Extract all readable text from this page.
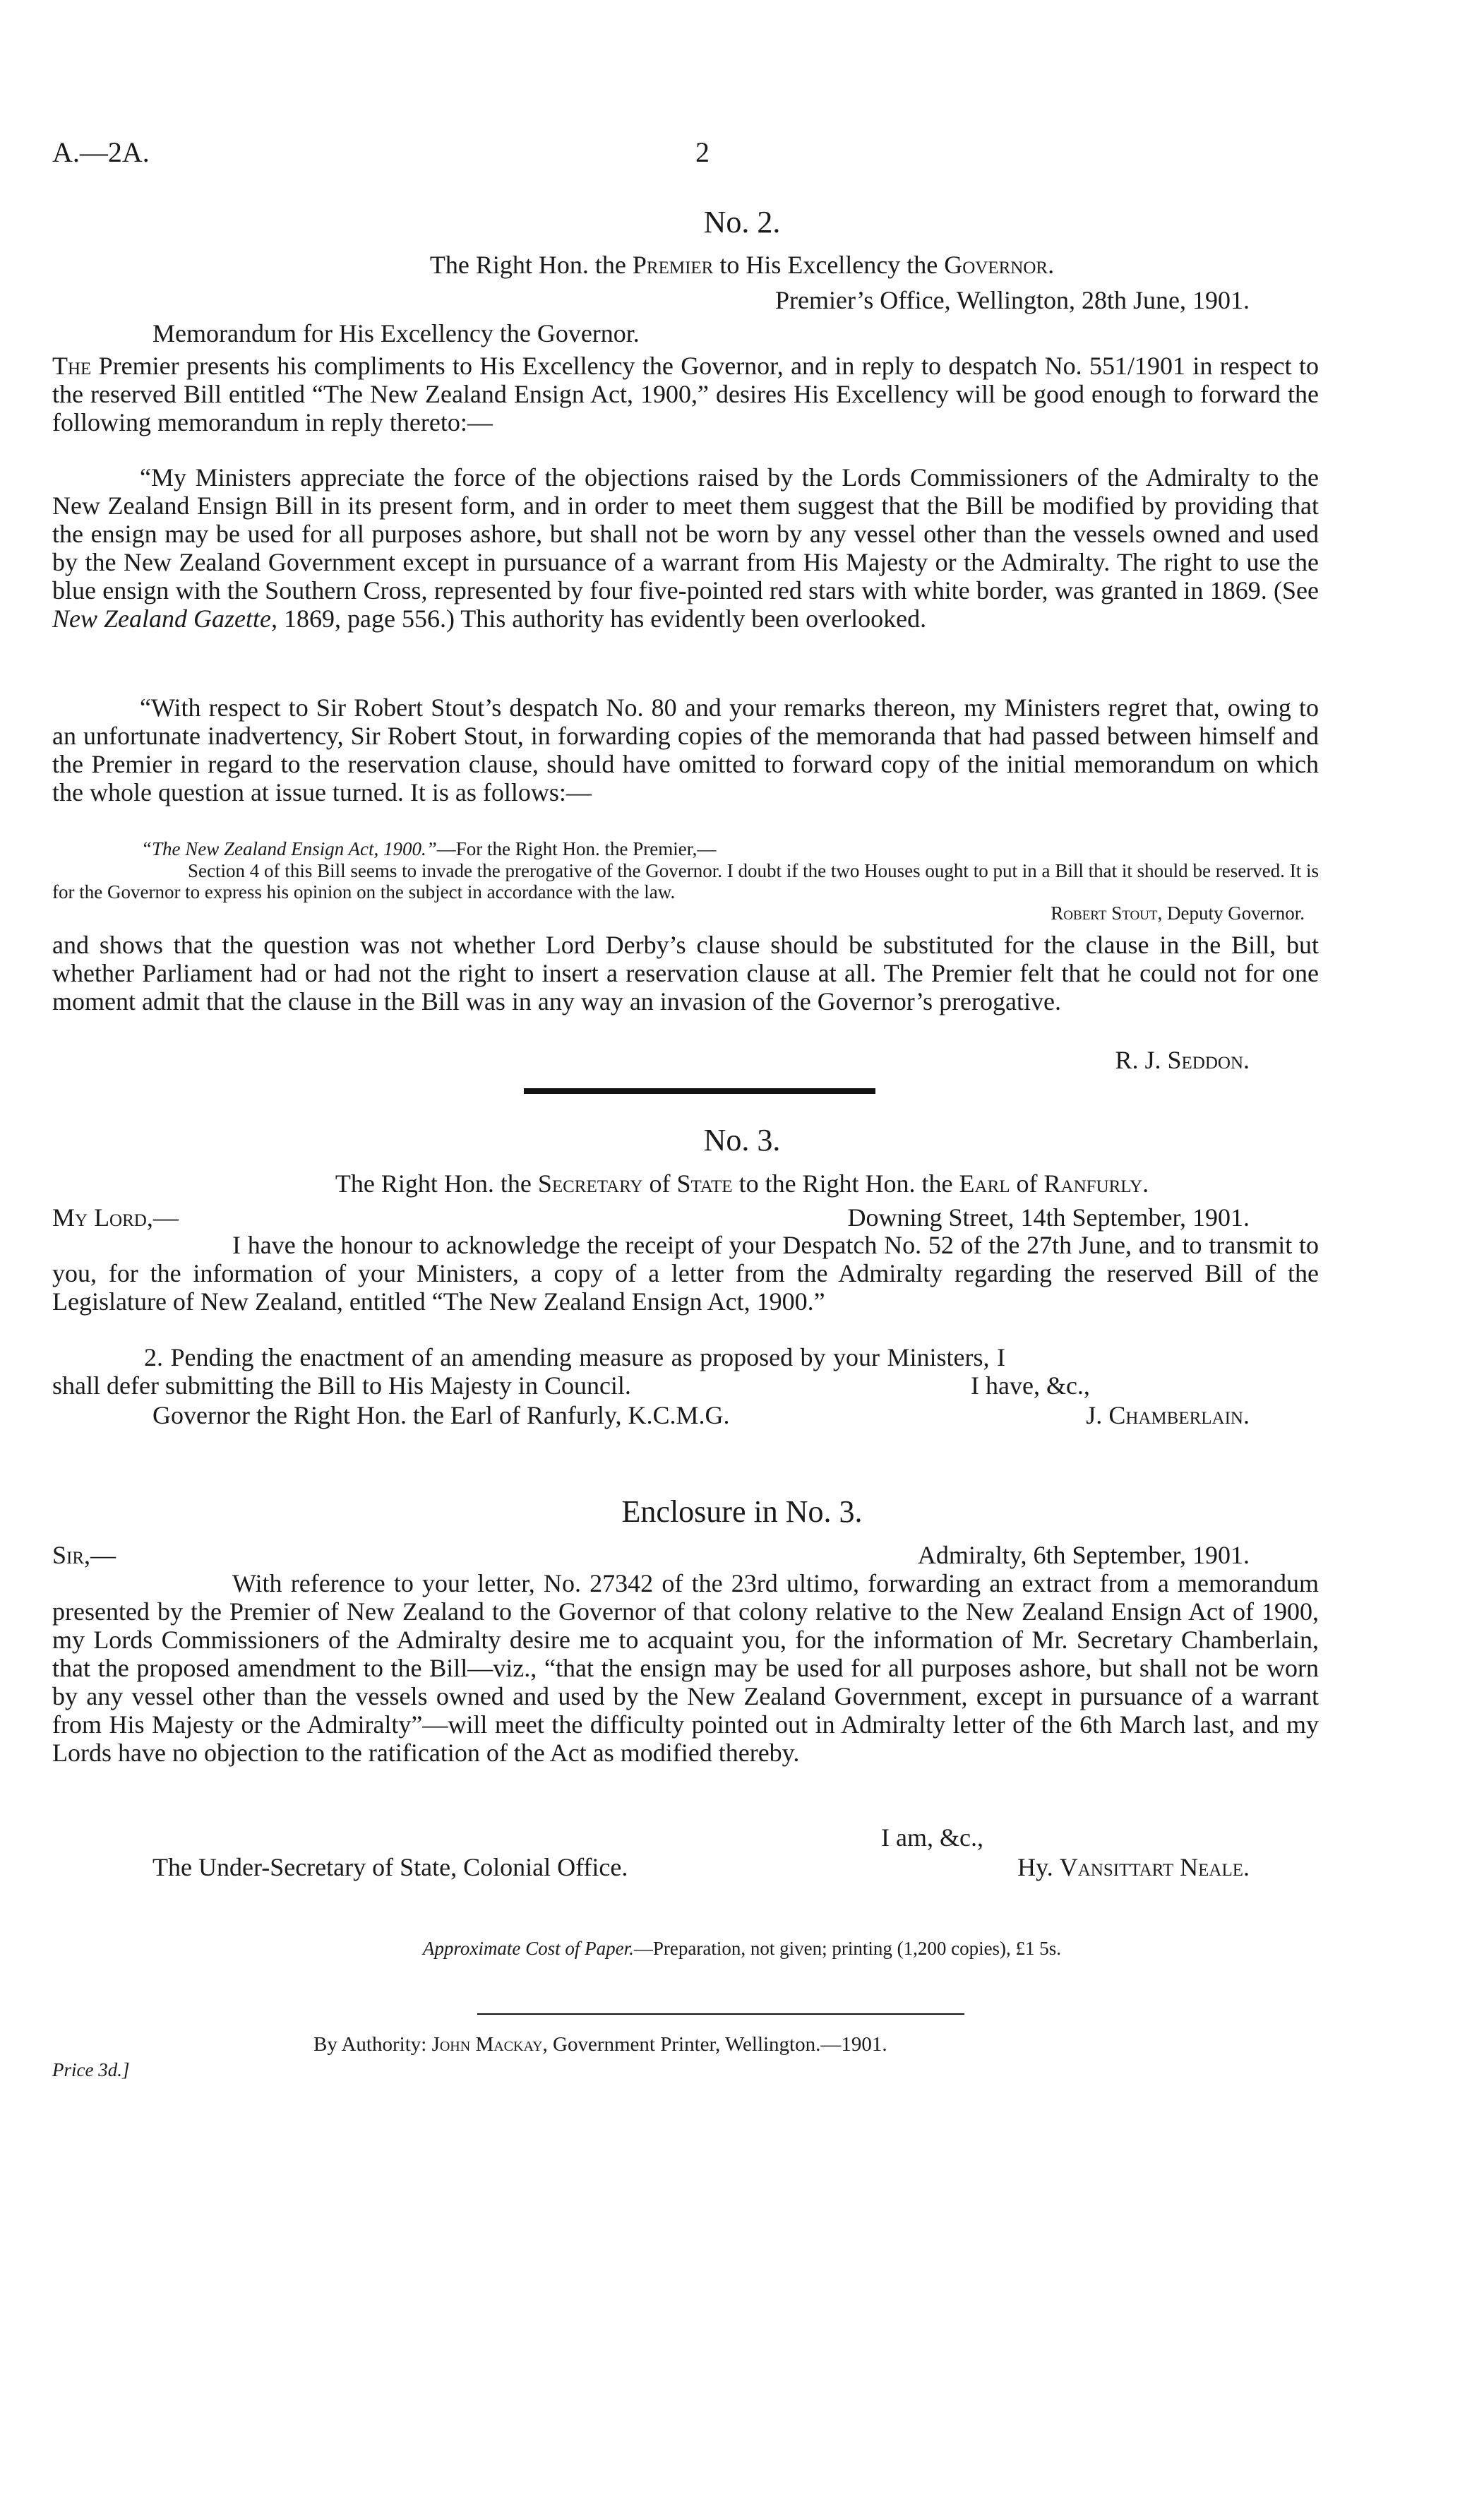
A.—2A.	2
No. 2.
The Right Hon. the Premier to His Excellency the Governor.
Premier’s Office, Wellington, 28th June, 1901.
Memorandum for His Excellency the Governor.

The Premier presents his compliments to His Excellency the Governor, and in reply to despatch No. 551/1901 in respect to the reserved Bill entitled “The New Zealand Ensign Act, 1900,” desires His Excellency will be good enough to forward the following memorandum in reply thereto:—

“My Ministers appreciate the force of the objections raised by the Lords Commissioners of the Admiralty to the New Zealand Ensign Bill in its present form, and in order to meet them suggest that the Bill be modified by providing that the ensign may be used for all purposes ashore, but shall not be worn by any vessel other than the vessels owned and used by the New Zealand Government except in pursuance of a warrant from His Majesty or the Admiralty. The right to use the blue ensign with the Southern Cross, represented by four five-pointed red stars with white border, was granted in 1869. (See New Zealand Gazette, 1869, page 556.) This authority has evidently been overlooked.

“With respect to Sir Robert Stout’s despatch No. 80 and your remarks thereon, my Ministers regret that, owing to an unfortunate inadvertency, Sir Robert Stout, in forwarding copies of the memoranda that had passed between himself and the Premier in regard to the reservation clause, should have omitted to forward copy of the initial memorandum on which the whole question at issue turned. It is as follows:—

“The New Zealand Ensign Act, 1900.”—For the Right Hon. the Premier,—

Section 4 of this Bill seems to invade the prerogative of the Governor. I doubt if the two Houses ought to put in a Bill that it should be reserved. It is for the Governor to express his opinion on the subject in accordance with the law.

Robert Stout, Deputy Governor.

and shows that the question was not whether Lord Derby’s clause should be substituted for the clause in the Bill, but whether Parliament had or had not the right to insert a reservation clause at all. The Premier felt that he could not for one moment admit that the clause in the Bill was in any way an invasion of the Governor’s prerogative.

R. J. Seddon.
No. 3.
The Right Hon. the Secretary of State to the Right Hon. the Earl of Ranfurly.
My Lord,—	Downing Street, 14th September, 1901.

I have the honour to acknowledge the receipt of your Despatch No. 52 of the 27th June, and to transmit to you, for the information of your Ministers, a copy of a letter from the Admiralty regarding the reserved Bill of the Legislature of New Zealand, entitled “The New Zealand Ensign Act, 1900.”

2. Pending the enactment of an amending measure as proposed by your Ministers, I shall defer submitting the Bill to His Majesty in Council.	I have, &c.,
Governor the Right Hon. the Earl of Ranfurly, K.C.M.G.	J. Chamberlain.
Enclosure in No. 3.
Sir,—	Admiralty, 6th September, 1901.

With reference to your letter, No. 27342 of the 23rd ultimo, forwarding an extract from a memorandum presented by the Premier of New Zealand to the Governor of that colony relative to the New Zealand Ensign Act of 1900, my Lords Commissioners of the Admiralty desire me to acquaint you, for the information of Mr. Secretary Chamberlain, that the proposed amendment to the Bill—viz., “that the ensign may be used for all purposes ashore, but shall not be worn by any vessel other than the vessels owned and used by the New Zealand Government, except in pursuance of a warrant from His Majesty or the Admiralty”—will meet the difficulty pointed out in Admiralty letter of the 6th March last, and my Lords have no objection to the ratification of the Act as modified thereby.

I am, &c.,
The Under-Secretary of State, Colonial Office.	Hy. Vansittart Neale.
Approximate Cost of Paper.—Preparation, not given; printing (1,200 copies), £1 5s.
By Authority: John Mackay, Government Printer, Wellington.—1901.
Price 3d.]
